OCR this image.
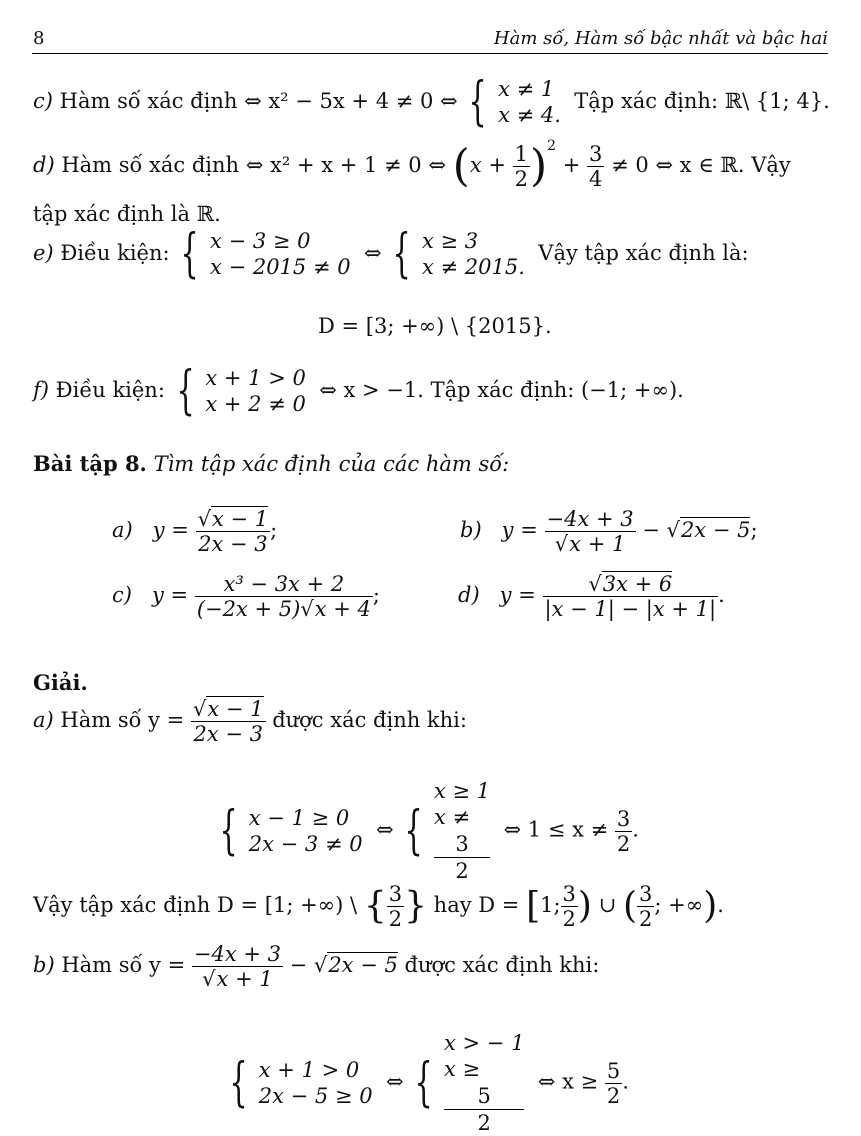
8	Hàm số, Hàm số bậc nhất và bậc hai
c) Hàm số xác định ⇔ x² − 5x + 4 ≠ 0 ⇔ { x ≠ 1
x ≠ 4.
Tập xác định: ℝ\ {1; 4}.
d) Hàm số xác định ⇔ x² + x + 1 ≠ 0 ⇔ $(x + \frac{1}{2} )^2 + \frac{3}{4} \ne 0$ ⇔ x ∈ ℝ. Vậy
tập xác định là ℝ.
e) Điều kiện: { x − 3 ≥ 0
x − 2015 ≠ 0
⇔ { x ≥ 3
x ≠ 2015.
Vậy tập xác định là:
D = [3; +∞) \ {2015}.
f) Điều kiện: { x + 1 > 0
x + 2 ≠ 0
⇔ x > −1. Tập xác định: (−1; +∞).
Bài tập 8. Tìm tập xác định của các hàm số:
a) $y = \frac{√x - 1}{2x - 3}$ ;	b) $y = \frac{-4x + 3}{√x + 1} - √2x - 5$;
c) $y = \frac{\text{x³ − 3x + 2}}{(-2x + 5)√x + 4}$ ;	d) $y = \frac{√3x + 6}{|x - 1| - |x + 1|}$ .
Giải.
a) Hàm số $y = \frac{√x - 1}{2x - 3}$ được xác định khi:
{ x − 1 ≥ 0
2x − 3 ≠ 0
⇔ {
x ≥ 1
x ≠
3
2
⇔ $1 \le x \ne \frac{3}{2}$ .
Vậy tập xác định D = [1; +∞) \ { $\frac{3}{2}$ } hay D = [1; $\frac{3}{2}$ ) ∪ ( $\frac{3}{2}$ ; +∞).
b) Hàm số $y = \frac{-4x + 3}{√x + 1} - √2x - 5$ được xác định khi:
{ x + 1 > 0
2x − 5 ≥ 0
⇔ {
x > − 1
x ≥
5
2
⇔ $x \ge \frac{5}{2}$ .
